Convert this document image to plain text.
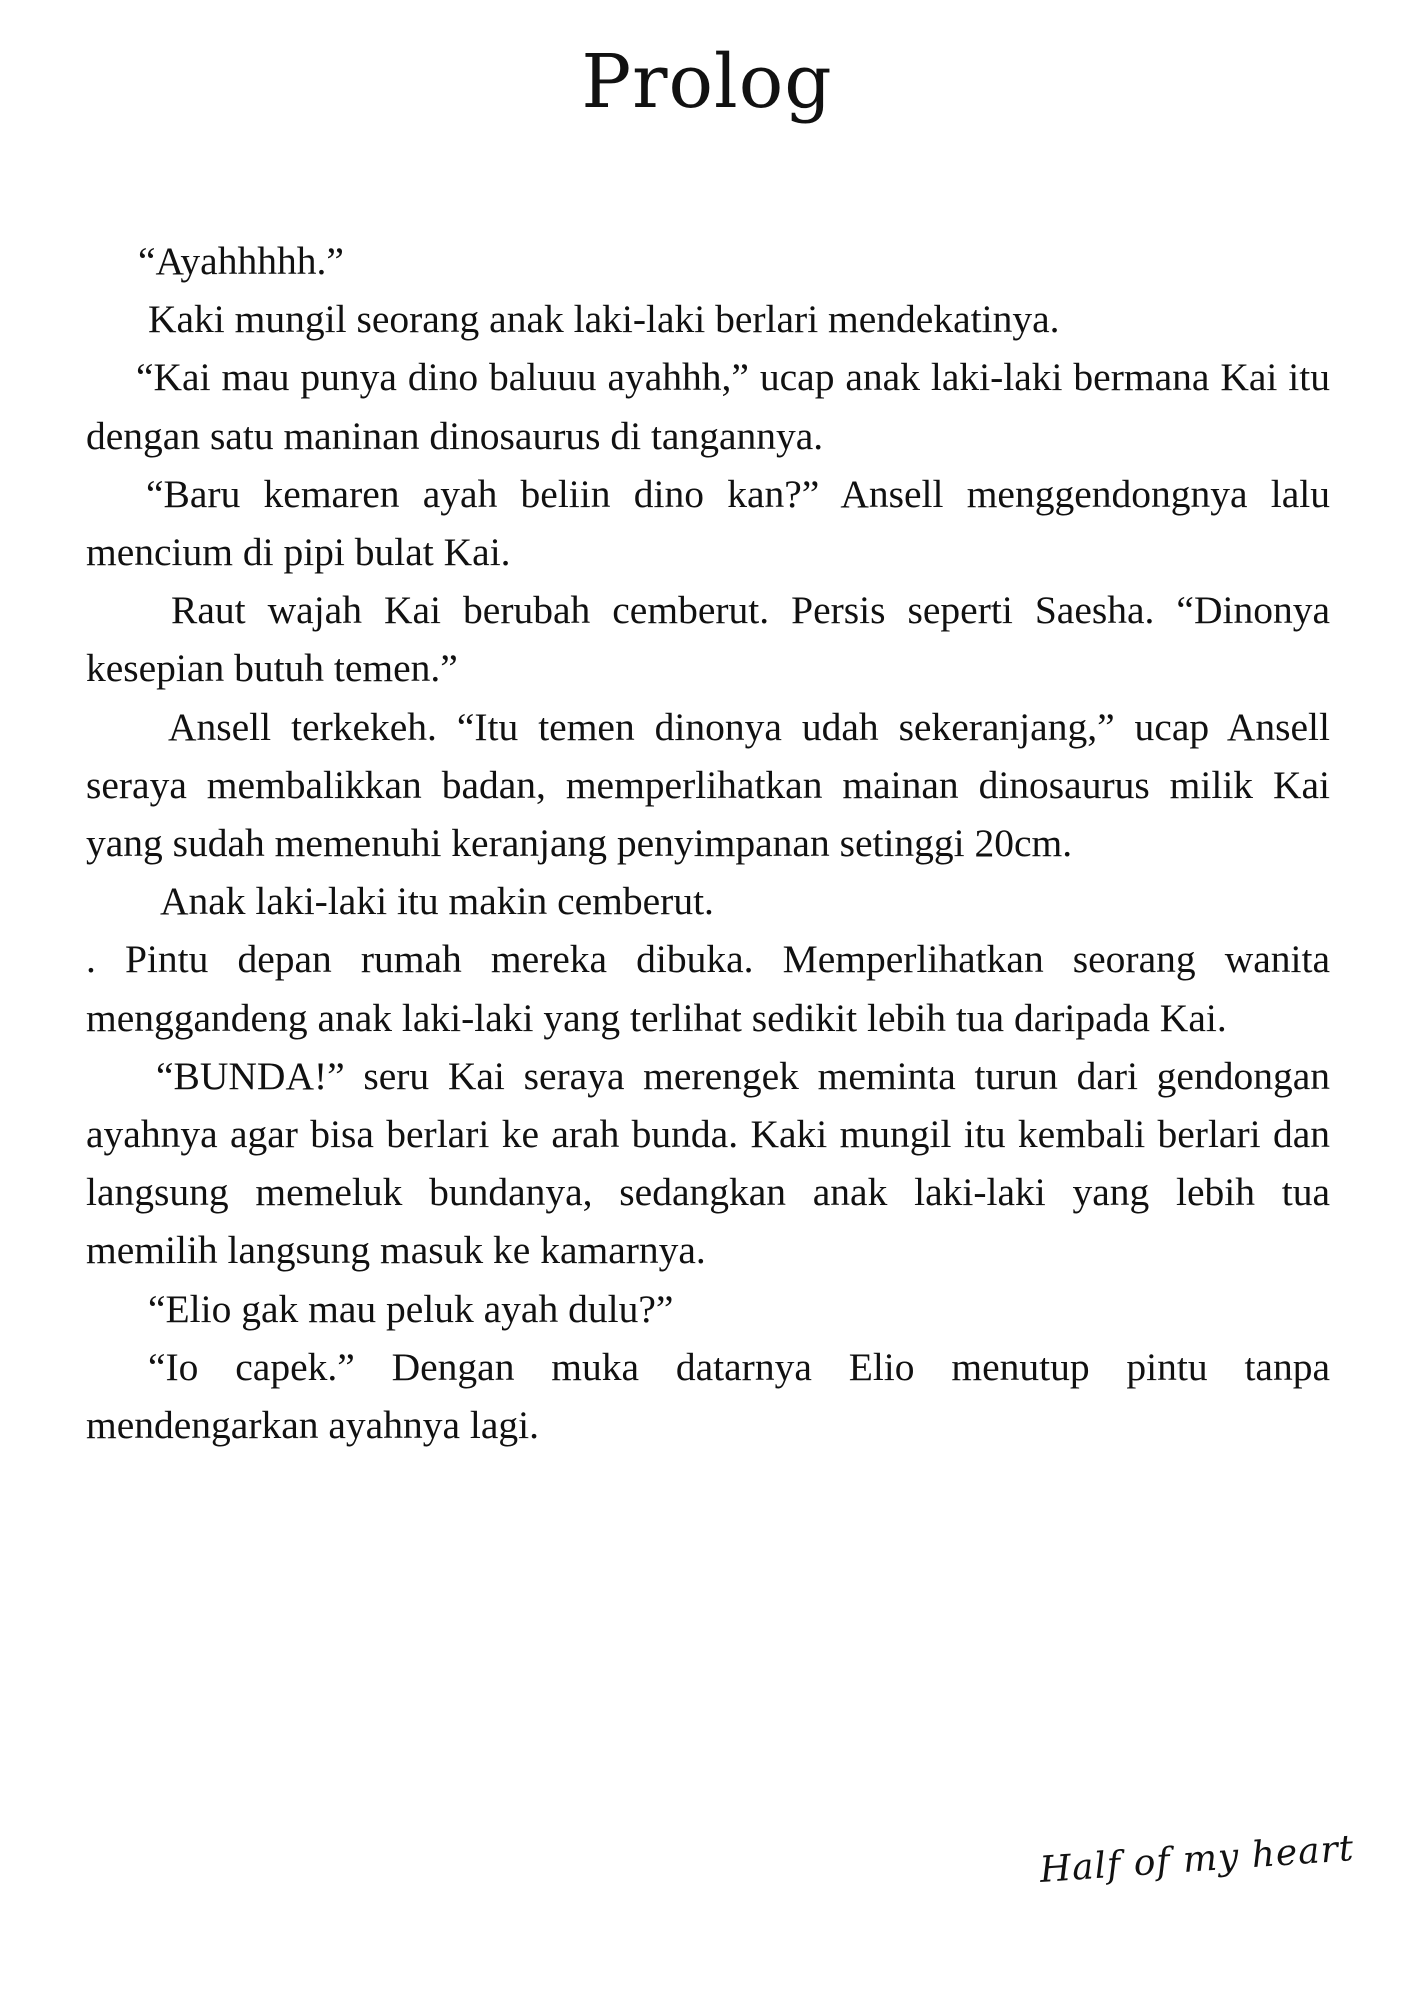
Prolog

“Ayahhhhh.”

Kaki mungil seorang anak laki-laki berlari mendekatinya.

“Kai mau punya dino baluuu ayahhh,” ucap anak laki-laki bermana Kai itu dengan satu maninan dinosaurus di tangannya.

“Baru kemaren ayah beliin dino kan?” Ansell menggendongnya lalu mencium di pipi bulat Kai.

Raut wajah Kai berubah cemberut. Persis seperti Saesha. “Dinonya kesepian butuh temen.”

Ansell terkekeh. “Itu temen dinonya udah sekeranjang,” ucap Ansell seraya membalikkan badan, memperlihatkan mainan dinosaurus milik Kai yang sudah memenuhi keranjang penyimpanan setinggi 20cm.

Anak laki-laki itu makin cemberut.

. Pintu depan rumah mereka dibuka. Memperlihatkan seorang wanita menggandeng anak laki-laki yang terlihat sedikit lebih tua daripada Kai.

“BUNDA!” seru Kai seraya merengek meminta turun dari gendongan ayahnya agar bisa berlari ke arah bunda. Kaki mungil itu kembali berlari dan langsung memeluk bundanya, sedangkan anak laki-laki yang lebih tua memilih langsung masuk ke kamarnya.

“Elio gak mau peluk ayah dulu?”

“Io capek.” Dengan muka datarnya Elio menutup pintu tanpa mendengarkan ayahnya lagi.

Half of my heart
